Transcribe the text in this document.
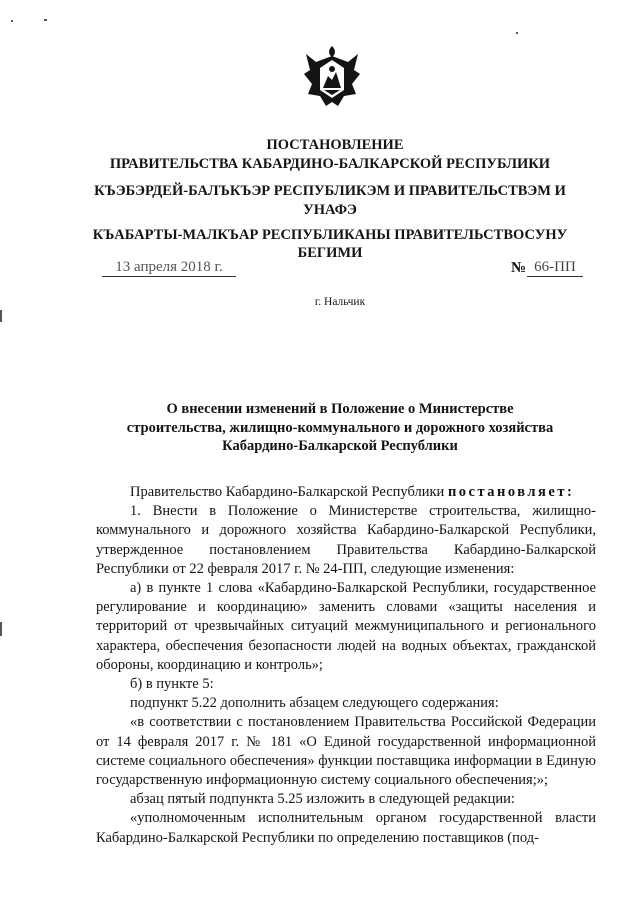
ПОСТАНОВЛЕНИЕ
ПРАВИТЕЛЬСТВА КАБАРДИНО-БАЛКАРСКОЙ РЕСПУБЛИКИ
КЪЭБЭРДЕЙ-БАЛЪКЪЭР РЕСПУБЛИКЭМ И ПРАВИТЕЛЬСТВЭМ И
УНАФЭ
КЪАБАРТЫ-МАЛКЪАР РЕСПУБЛИКАНЫ ПРАВИТЕЛЬСТВОСУНУ
БЕГИМИ
13 апреля 2018 г.	№ 66-ПП
г. Нальчик
О внесении изменений в Положение о Министерстве
строительства, жилищно-коммунального и дорожного хозяйства
Кабардино-Балкарской Республики

Правительство Кабардино-Балкарской Республики постановляет:

1. Внести в Положение о Министерстве строительства, жилищно-коммунального и дорожного хозяйства Кабардино-Балкарской Республики, утвержденное постановлением Правительства Кабардино-Балкарской Республики от 22 февраля 2017 г. № 24-ПП, следующие изменения:

а) в пункте 1 слова «Кабардино-Балкарской Республики, государственное регулирование и координацию» заменить словами «защиты населения и территорий от чрезвычайных ситуаций межмуниципального и регионального характера, обеспечения безопасности людей на водных объектах, гражданской обороны, координацию и контроль»;

б) в пункте 5:

подпункт 5.22 дополнить абзацем следующего содержания:

«в соответствии с постановлением Правительства Российской Федерации от 14 февраля 2017 г. № 181 «О Единой государственной информационной системе социального обеспечения» функции поставщика информации в Единую государственную информационную систему социального обеспечения;»;

абзац пятый подпункта 5.25 изложить в следующей редакции:

«уполномоченным исполнительным органом государственной власти Кабардино-Балкарской Республики по определению поставщиков (под-
